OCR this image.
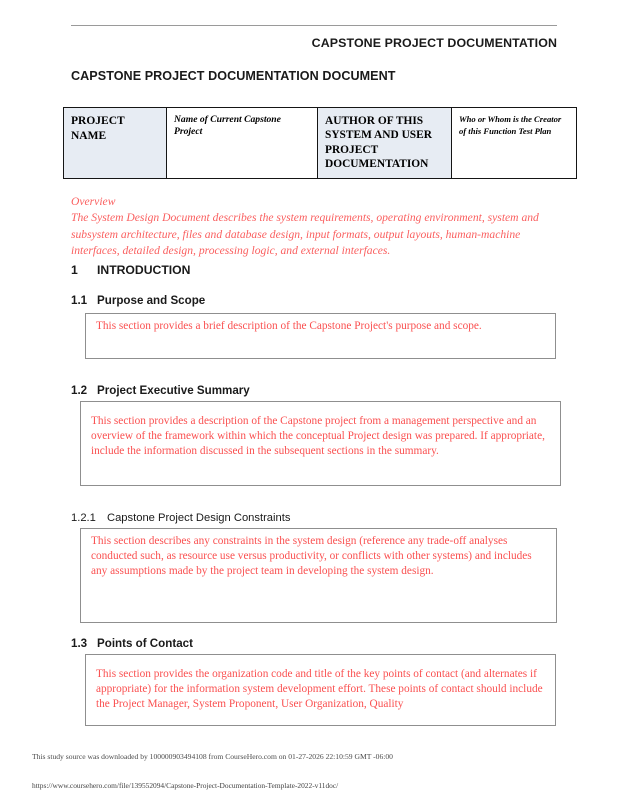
CAPSTONE PROJECT DOCUMENTATION
CAPSTONE PROJECT DOCUMENTATION DOCUMENT
PROJECT NAME	Name of Current Capstone Project	AUTHOR OF THIS SYSTEM AND USER PROJECT DOCUMENTATION	Who or Whom is the Creator of this Function Test Plan
Overview
The System Design Document describes the system requirements, operating environment, system and subsystem architecture, files and database design, input formats, output layouts, human-machine interfaces, detailed design, processing logic, and external interfaces.
1 INTRODUCTION
1.1 Purpose and Scope
This section provides a brief description of the Capstone Project's purpose and scope.
1.2 Project Executive Summary
This section provides a description of the Capstone project from a management perspective and an overview of the framework within which the conceptual Project design was prepared. If appropriate, include the information discussed in the subsequent sections in the summary.
1.2.1 Capstone Project Design Constraints
This section describes any constraints in the system design (reference any trade-off analyses conducted such, as resource use versus productivity, or conflicts with other systems) and includes any assumptions made by the project team in developing the system design.
1.3 Points of Contact
This section provides the organization code and title of the key points of contact (and alternates if appropriate) for the information system development effort. These points of contact should include the Project Manager, System Proponent, User Organization, Quality
This study source was downloaded by 100000903494108 from CourseHero.com on 01-27-2026 22:10:59 GMT -06:00
https://www.coursehero.com/file/139552094/Capstone-Project-Documentation-Template-2022-v11doc/
